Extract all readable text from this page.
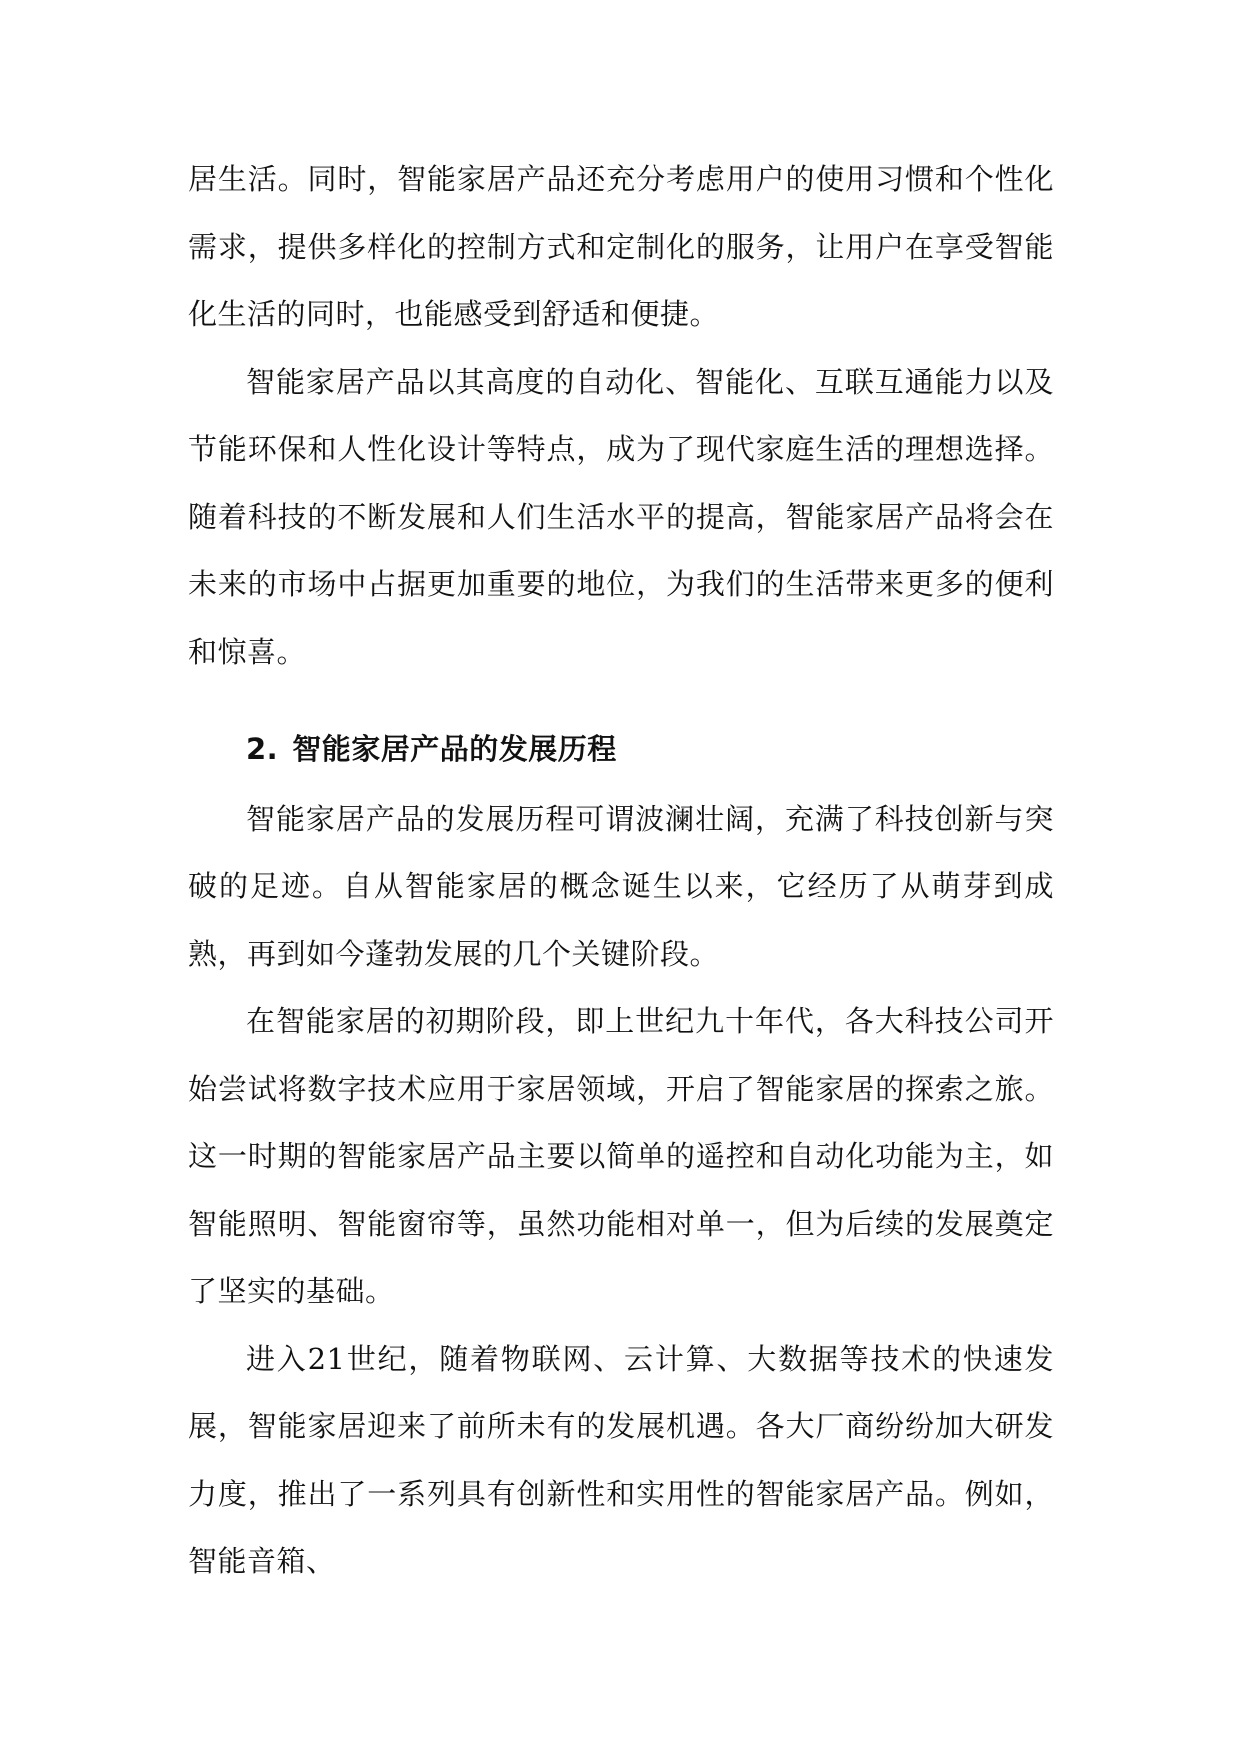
居生活。同时，智能家居产品还充分考虑用户的使用习惯和个性化需求，提供多样化的控制方式和定制化的服务，让用户在享受智能化生活的同时，也能感受到舒适和便捷。

智能家居产品以其高度的自动化、智能化、互联互通能力以及节能环保和人性化设计等特点，成为了现代家庭生活的理想选择。随着科技的不断发展和人们生活水平的提高，智能家居产品将会在未来的市场中占据更加重要的地位，为我们的生活带来更多的便利和惊喜。

2. 智能家居产品的发展历程

智能家居产品的发展历程可谓波澜壮阔，充满了科技创新与突破的足迹。自从智能家居的概念诞生以来，它经历了从萌芽到成熟，再到如今蓬勃发展的几个关键阶段。

在智能家居的初期阶段，即上世纪九十年代，各大科技公司开始尝试将数字技术应用于家居领域，开启了智能家居的探索之旅。这一时期的智能家居产品主要以简单的遥控和自动化功能为主，如智能照明、智能窗帘等，虽然功能相对单一，但为后续的发展奠定了坚实的基础。

进入21世纪，随着物联网、云计算、大数据等技术的快速发展，智能家居迎来了前所未有的发展机遇。各大厂商纷纷加大研发力度，推出了一系列具有创新性和实用性的智能家居产品。例如，智能音箱、
